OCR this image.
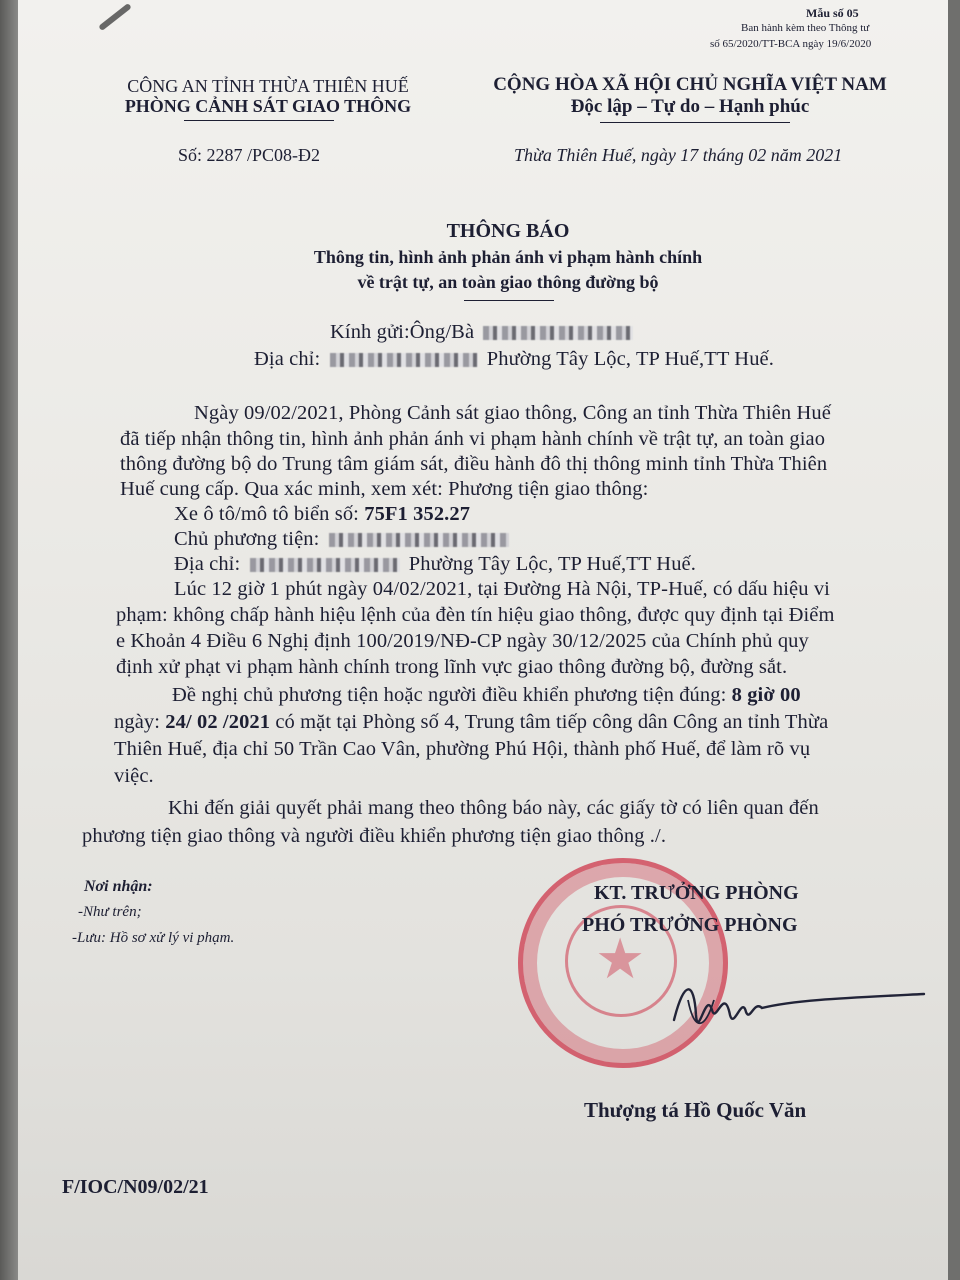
Mẫu số 05
Ban hành kèm theo Thông tư
số 65/2020/TT-BCA ngày 19/6/2020
CÔNG AN TỈNH THỪA THIÊN HUẾ
PHÒNG CẢNH SÁT GIAO THÔNG
CỘNG HÒA XÃ HỘI CHỦ NGHĨA VIỆT NAM
Độc lập – Tự do – Hạnh phúc
Số: 2287 /PC08-Đ2	Thừa Thiên Huế, ngày 17 tháng 02 năm 2021
THÔNG BÁO
Thông tin, hình ảnh phản ánh vi phạm hành chính
về trật tự, an toàn giao thông đường bộ
Kính gửi:Ông/Bà
Địa chỉ:	Phường Tây Lộc, TP Huế,TT Huế.
Ngày 09/02/2021, Phòng Cảnh sát giao thông, Công an tỉnh Thừa Thiên Huế
đã tiếp nhận thông tin, hình ảnh phản ánh vi phạm hành chính về trật tự, an toàn giao
thông đường bộ do Trung tâm giám sát, điều hành đô thị thông minh tỉnh Thừa Thiên
Huế cung cấp. Qua xác minh, xem xét: Phương tiện giao thông:
Xe ô tô/mô tô biển số: 75F1 352.27
Chủ phương tiện:
Địa chỉ:	Phường Tây Lộc, TP Huế,TT Huế.
Lúc 12 giờ 1 phút ngày 04/02/2021, tại Đường Hà Nội, TP-Huế, có dấu hiệu vi
phạm: không chấp hành hiệu lệnh của đèn tín hiệu giao thông, được quy định tại Điểm
e Khoản 4 Điều 6 Nghị định 100/2019/NĐ-CP ngày 30/12/2025 của Chính phủ quy
định xử phạt vi phạm hành chính trong lĩnh vực giao thông đường bộ, đường sắt.
Đề nghị chủ phương tiện hoặc người điều khiển phương tiện đúng: 8 giờ 00
ngày: 24/ 02 /2021 có mặt tại Phòng số 4, Trung tâm tiếp công dân Công an tỉnh Thừa
Thiên Huế, địa chỉ 50 Trần Cao Vân, phường Phú Hội, thành phố Huế, để làm rõ vụ
việc.
Khi đến giải quyết phải mang theo thông báo này, các giấy tờ có liên quan đến
phương tiện giao thông và người điều khiển phương tiện giao thông ./.
Nơi nhận:
-Như trên;
-Lưu: Hồ sơ xử lý vi phạm.	★
KT. TRƯỞNG PHÒNG
PHÓ TRƯỞNG PHÒNG
Thượng tá Hồ Quốc Văn
F/IOC/N09/02/21
